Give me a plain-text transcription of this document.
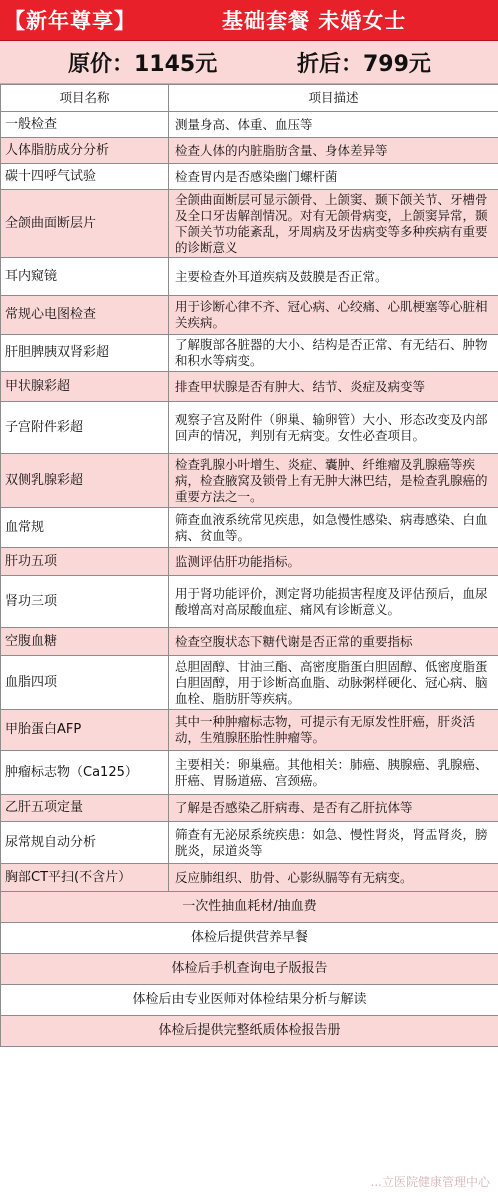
【新年尊享】	基础套餐 未婚女士
原价：1145元	折后：799元
项目名称	项目描述
一般检查	测量身高、体重、血压等
人体脂肪成分分析	检查人体的内脏脂肪含量、身体差异等
碳十四呼气试验	检查胃内是否感染幽门螺杆菌
全颌曲面断层片	全颌曲面断层可显示颌骨、上颌窦、颞下颌关节、牙槽骨及全口牙齿解剖情况。对有无颌骨病变，上颌窦异常，颞下颌关节功能紊乱，牙周病及牙齿病变等多种疾病有重要的诊断意义
耳内窥镜	主要检查外耳道疾病及鼓膜是否正常。
常规心电图检查	用于诊断心律不齐、冠心病、心绞痛、心肌梗塞等心脏相关疾病。
肝胆脾胰双肾彩超	了解腹部各脏器的大小、结构是否正常、有无结石、肿物和积水等病变。
甲状腺彩超	排查甲状腺是否有肿大、结节、炎症及病变等
子宫附件彩超	观察子宫及附件（卵巢、输卵管）大小、形态改变及内部回声的情况，判别有无病变。女性必查项目。
双侧乳腺彩超	检查乳腺小叶增生、炎症、囊肿、纤维瘤及乳腺癌等疾病，检查腋窝及锁骨上有无肿大淋巴结，是检查乳腺癌的重要方法之一。
血常规	筛查血液系统常见疾患，如急慢性感染、病毒感染、白血病、贫血等。
肝功五项	监测评估肝功能指标。
肾功三项	用于肾功能评价，测定肾功能损害程度及评估预后，血尿酸增高对高尿酸血症、痛风有诊断意义。
空腹血糖	检查空腹状态下糖代谢是否正常的重要指标
血脂四项	总胆固醇、甘油三酯、高密度脂蛋白胆固醇、低密度脂蛋白胆固醇，用于诊断高血脂、动脉粥样硬化、冠心病、脑血栓、脂肪肝等疾病。
甲胎蛋白AFP	其中一种肿瘤标志物，可提示有无原发性肝癌，肝炎活动，生殖腺胚胎性肿瘤等。
肿瘤标志物（Ca125）	主要相关：卵巢癌。其他相关：肺癌、胰腺癌、乳腺癌、肝癌、胃肠道癌、宫颈癌。
乙肝五项定量	了解是否感染乙肝病毒、是否有乙肝抗体等
尿常规自动分析	筛查有无泌尿系统疾患：如急、慢性肾炎，肾盂肾炎，膀胱炎，尿道炎等
胸部CT平扫(不含片）	反应肺组织、肋骨、心影纵膈等有无病变。
一次性抽血耗材/抽血费	
体检后提供营养早餐	
体检后手机查询电子版报告	
体检后由专业医师对体检结果分析与解读	
体检后提供完整纸质体检报告册	
...立医院健康管理中心
